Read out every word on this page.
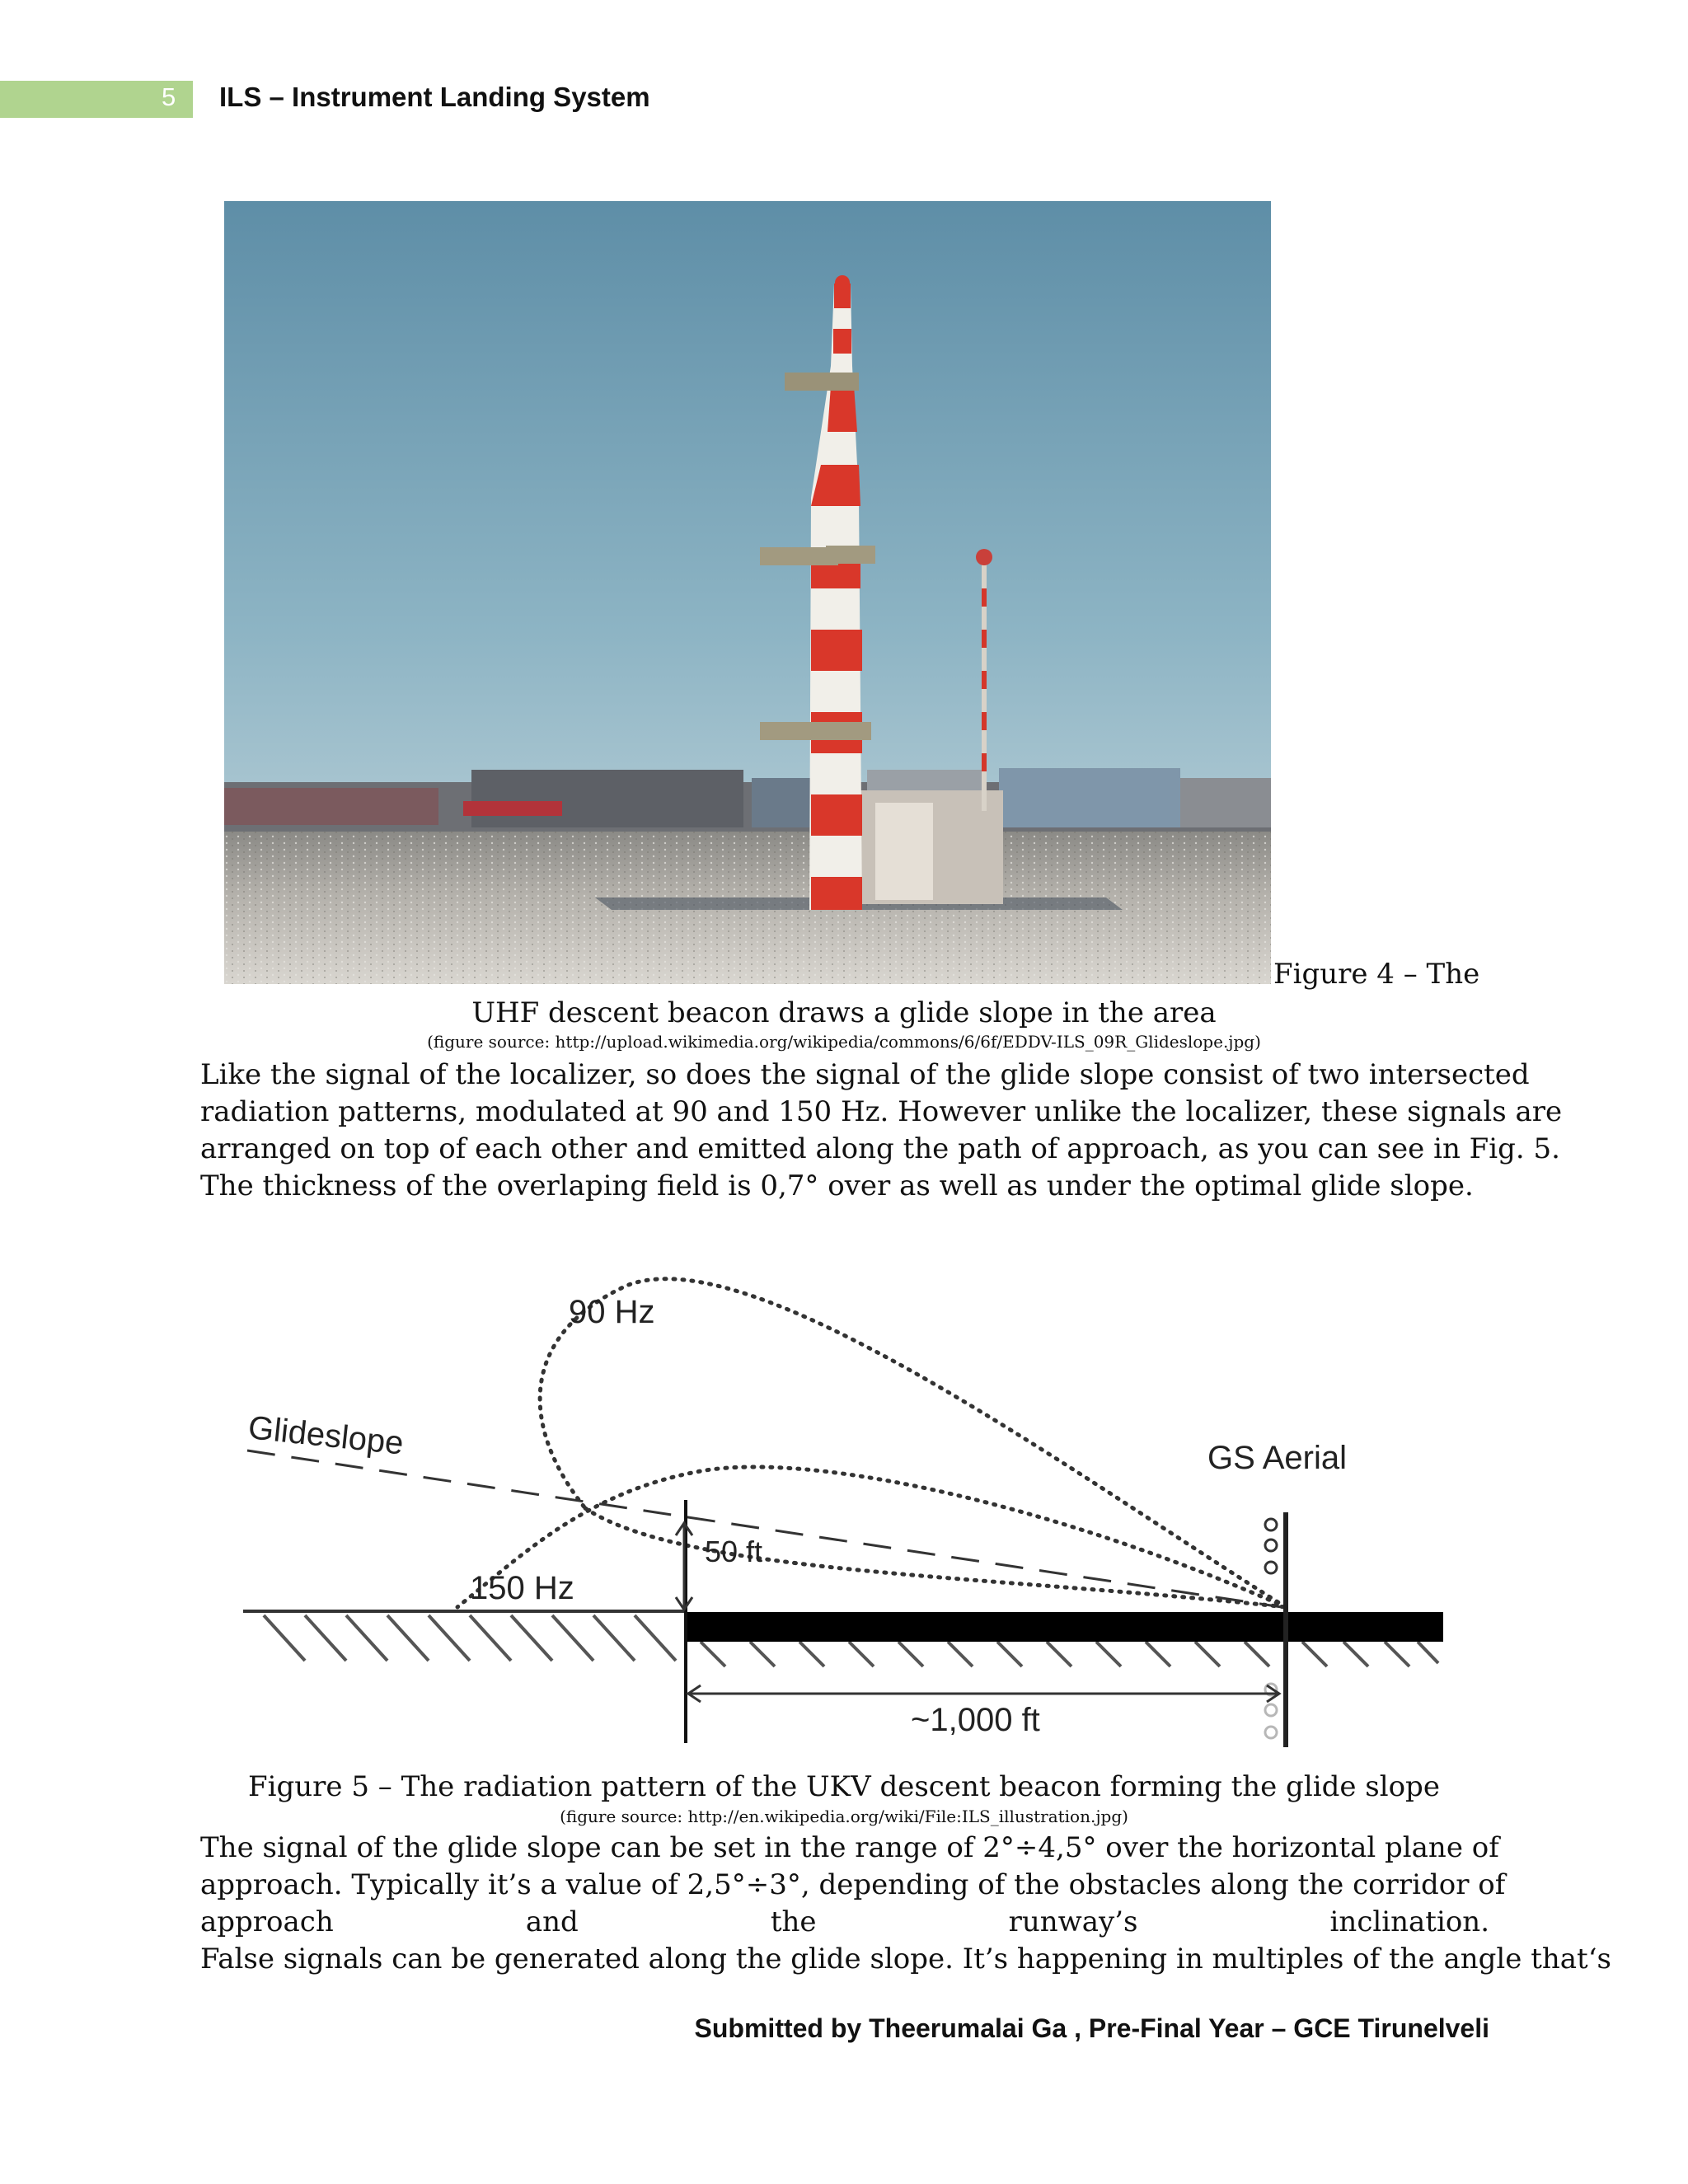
5	ILS – Instrument Landing System
Figure 4 – The
UHF descent beacon draws a glide slope in the area
(figure source: http://upload.wikimedia.org/wikipedia/commons/6/6f/EDDV-ILS_09R_Glideslope.jpg)
Like the signal of the localizer, so does the signal of the glide slope consist of two intersected
radiation patterns, modulated at 90 and 150 Hz. However unlike the localizer, these signals are
arranged on top of each other and emitted along the path of approach, as you can see in Fig. 5.
The thickness of the overlaping field is 0,7° over as well as under the optimal glide slope.
90 Hz
Glideslope	GS Aerial
50 ft
150 Hz
~1,000 ft
Figure 5 – The radiation pattern of the UKV descent beacon forming the glide slope
(figure source: http://en.wikipedia.org/wiki/File:ILS_illustration.jpg)
The signal of the glide slope can be set in the range of 2°÷4,5° over the horizontal plane of
approach. Typically it’s a value of 2,5°÷3°, depending of the obstacles along the corridor of
approach and the runway’s inclination.
False signals can be generated along the glide slope. It’s happening in multiples of the angle that‘s
Submitted by Theerumalai Ga , Pre-Final Year – GCE Tirunelveli
